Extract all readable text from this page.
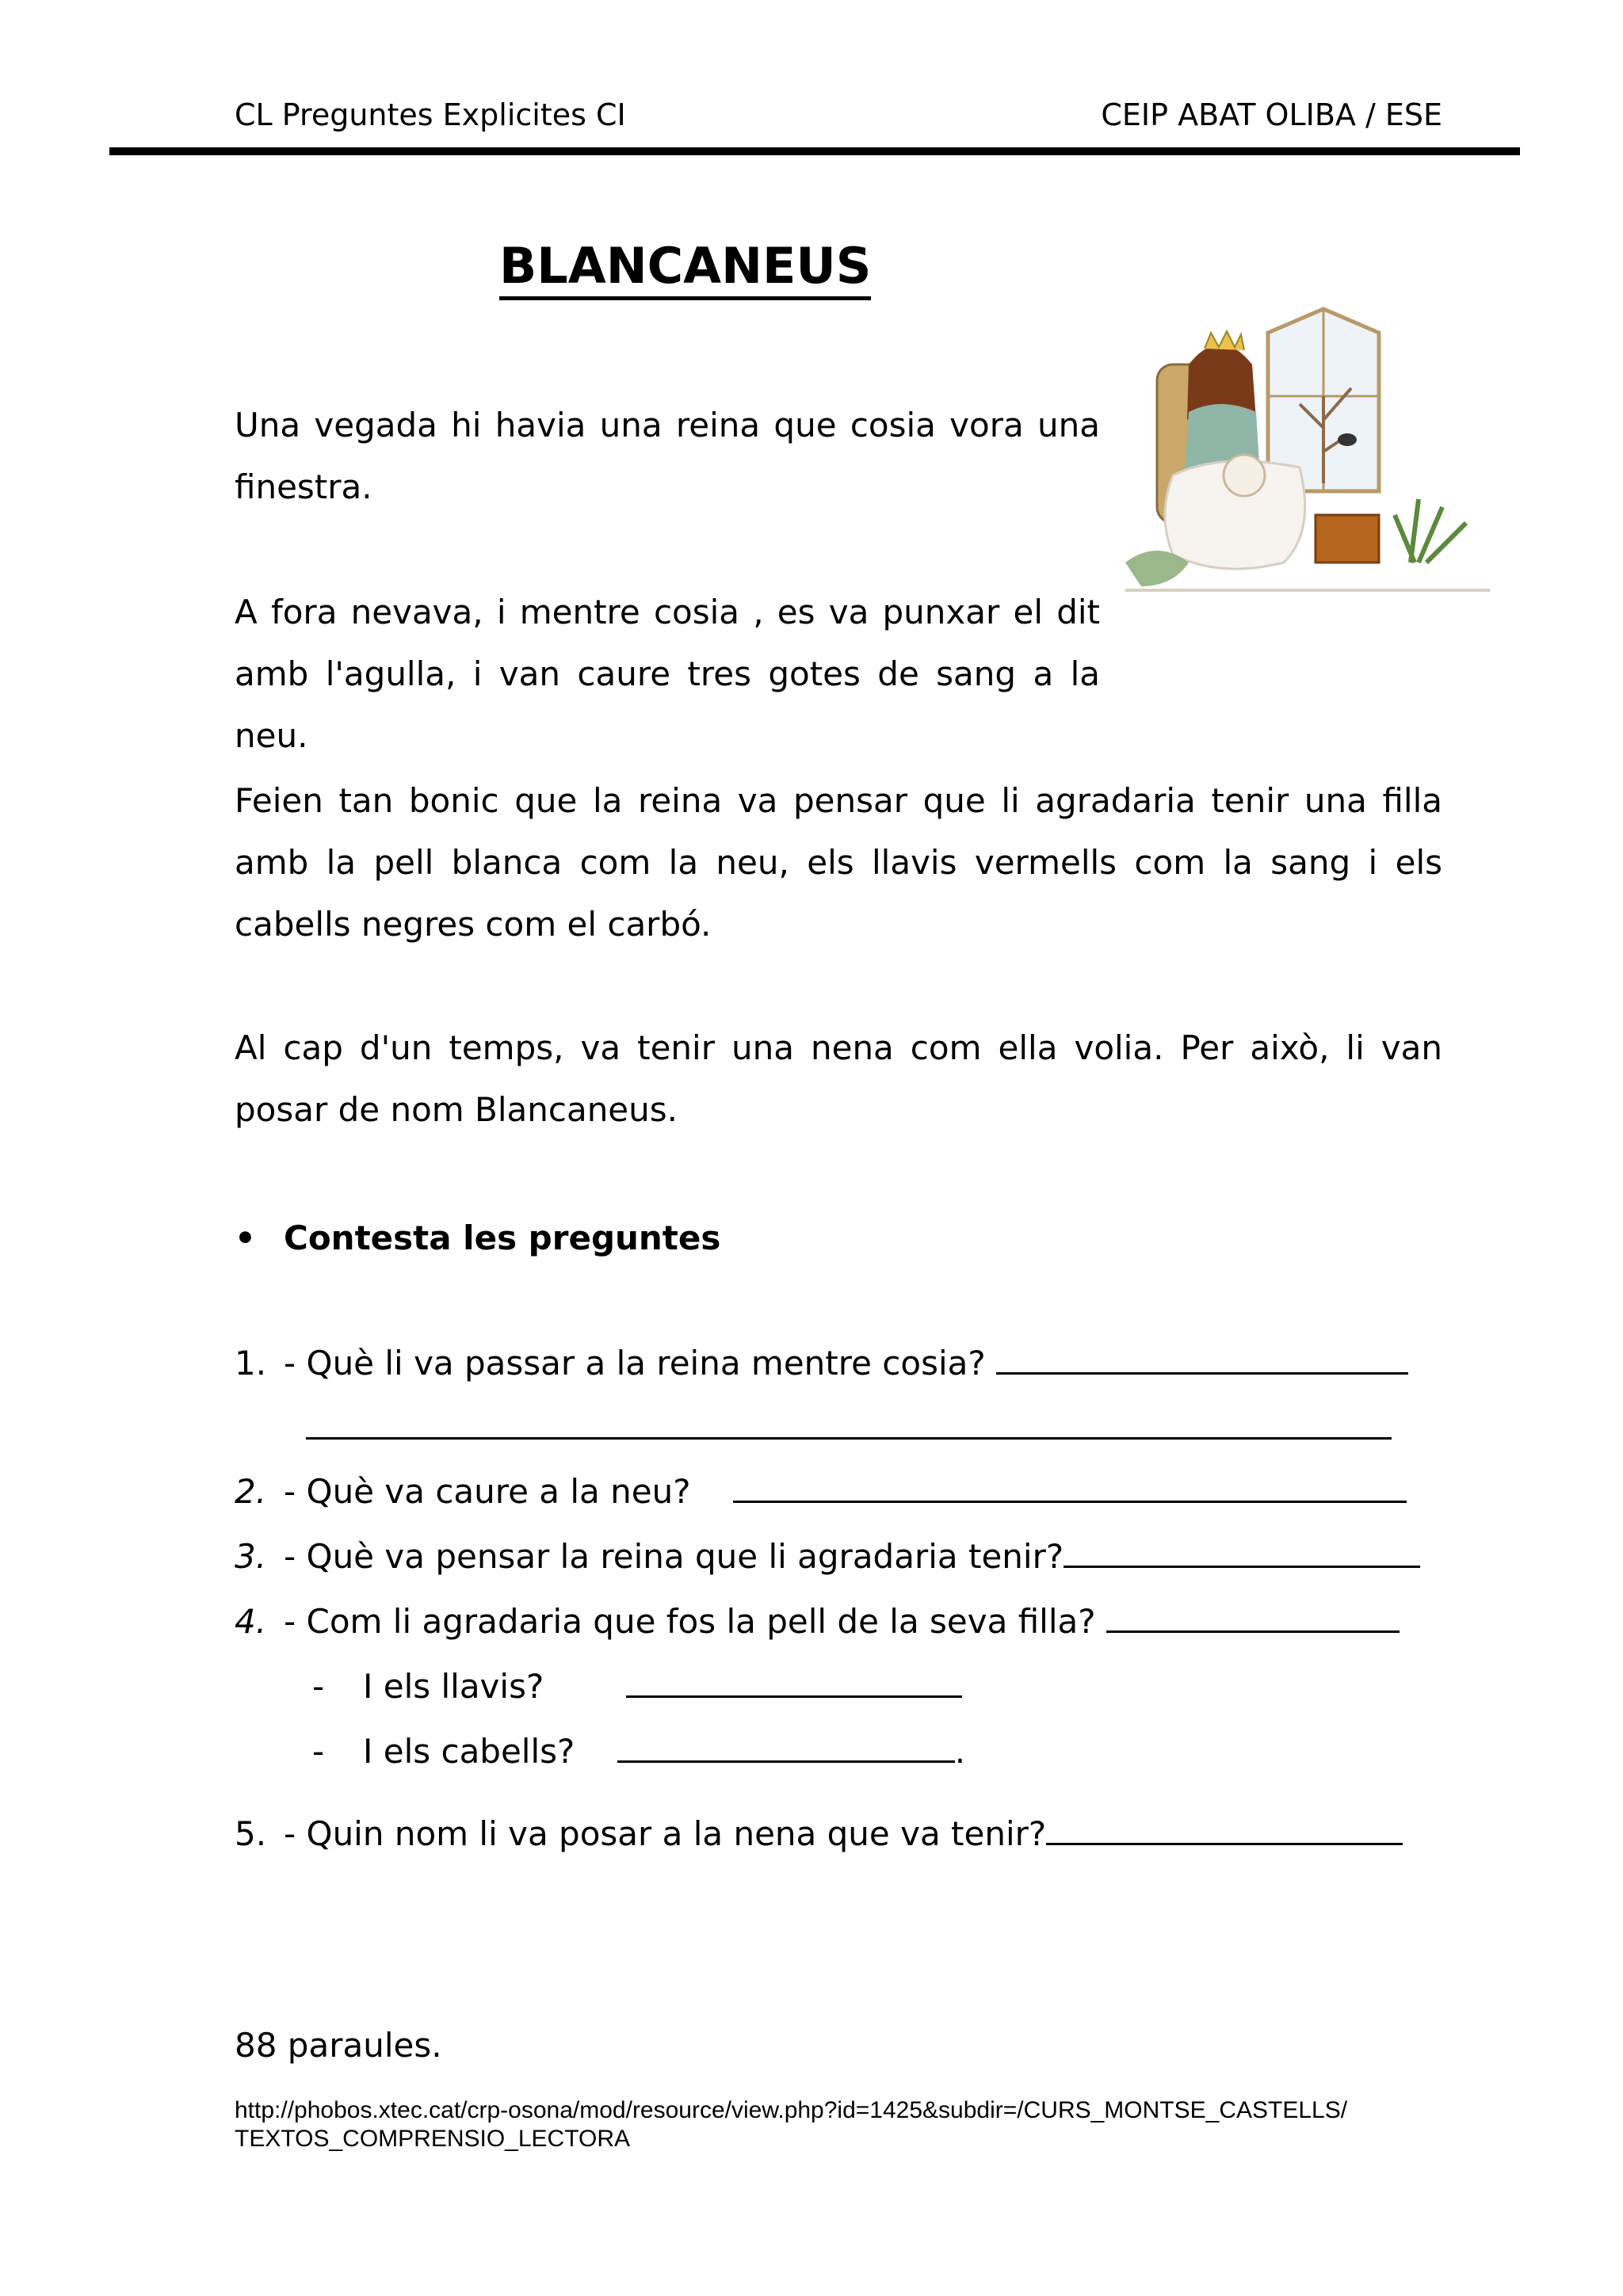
CL Preguntes Explicites CI	CEIP ABAT OLIBA / ESE
BLANCANEUS
Una vegada hi havia una reina que cosia vora una finestra.
A fora nevava, i mentre cosia , es va punxar el dit amb l'agulla, i van caure tres gotes de sang a la neu.
Feien tan bonic que la reina va pensar que li agradaria tenir una filla amb la pell blanca com la neu, els llavis vermells com la sang i els cabells negres com el carbó.
Al cap d'un temps, va tenir una nena com ella volia. Per això, li van posar de nom Blancaneus.
• Contesta les preguntes
1. - Què li va passar a la reina mentre cosia?
2. - Què va caure a la neu?
3. - Què va pensar la reina que li agradaria tenir?
4. - Com li agradaria que fos la pell de la seva filla?
- I els llavis?
- I els cabells?	.
5. - Quin nom li va posar a la nena que va tenir?
88 paraules.
http://phobos.xtec.cat/crp-osona/mod/resource/view.php?id=1425&subdir=/CURS_MONTSE_CASTELLS/
TEXTOS_COMPRENSIO_LECTORA
